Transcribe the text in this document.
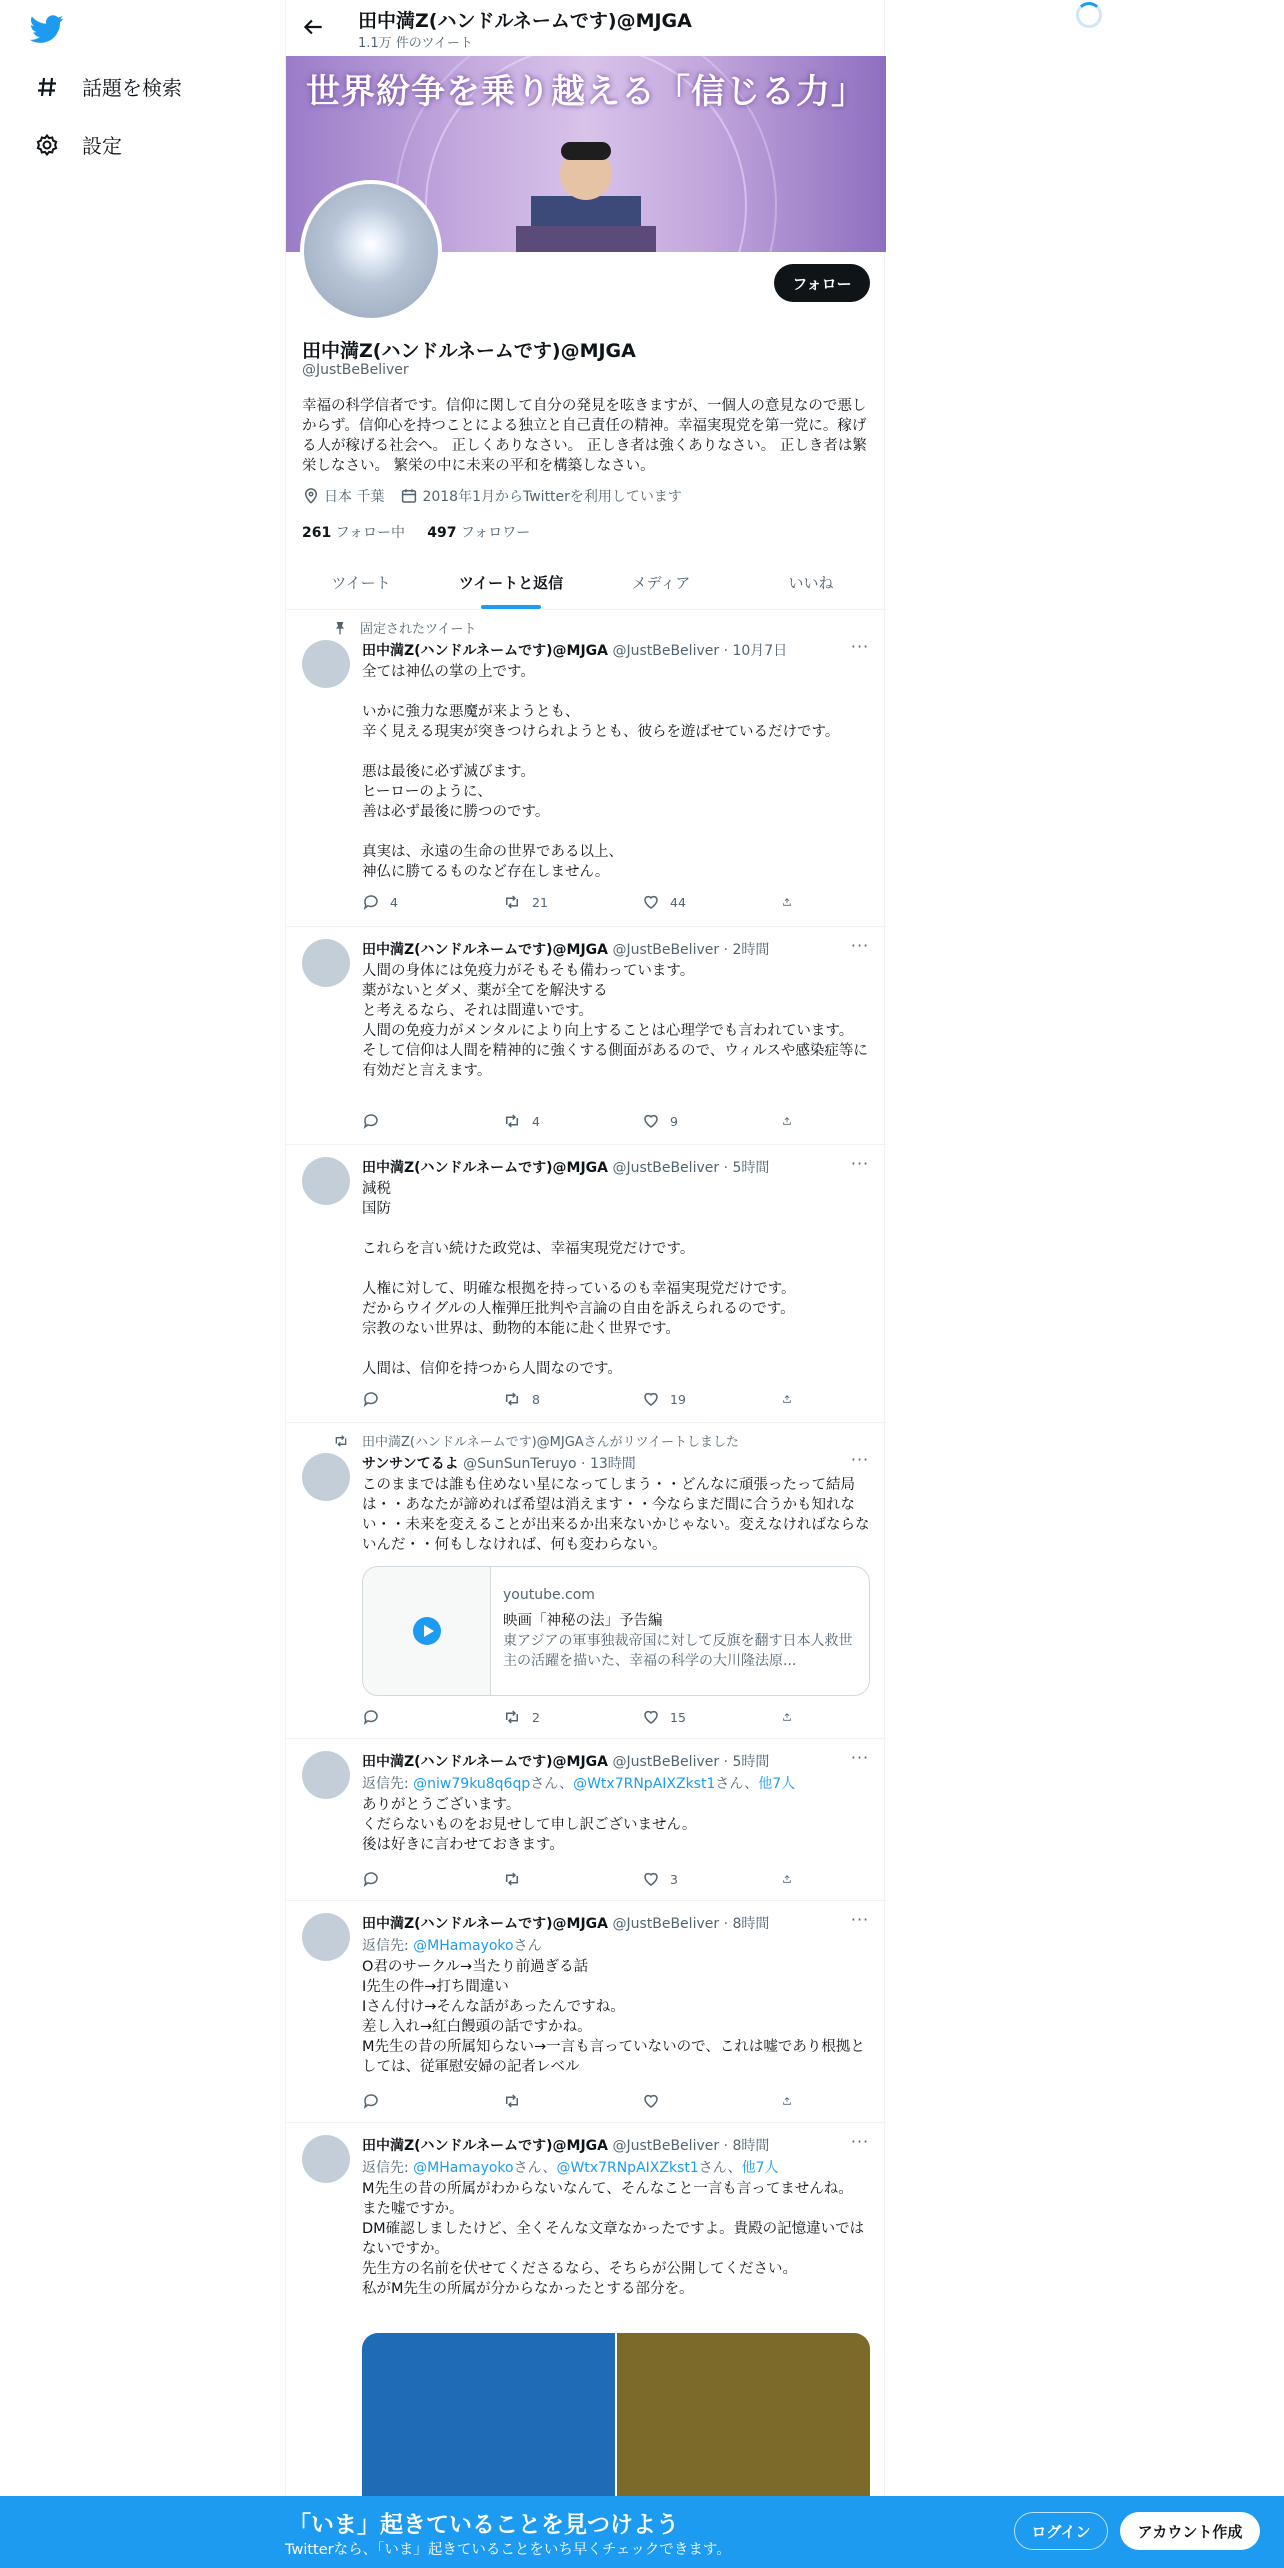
話題を検索
設定
田中満Z(ハンドルネームです)@MJGA
1.1万 件のツイート
世界紛争を乗り越える「信じる力」
フォロー
田中満Z(ハンドルネームです)@MJGA
@JustBeBeliver
幸福の科学信者です。信仰に関して自分の発見を呟きますが、一個人の意見なので悪しからず。信仰心を持つことによる独立と自己責任の精神。幸福実現党を第一党に。稼げる人が稼げる社会へ。 正しくありなさい。 正しき者は強くありなさい。 正しき者は繁栄しなさい。 繁栄の中に未来の平和を構築しなさい。
日本 千葉	2018年1月からTwitterを利用しています
261 フォロー中 497 フォロワー
ツイート	ツイートと返信	メディア	いいね
固定されたツイート
田中満Z(ハンドルネームです)@MJGA @JustBeBeliver · 10月7日	···
全ては神仏の掌の上です。

いかに強力な悪魔が来ようとも、
辛く見える現実が突きつけられようとも、彼らを遊ばせているだけです。

悪は最後に必ず滅びます。
ヒーローのように、
善は必ず最後に勝つのです。

真実は、永遠の生命の世界である以上、
神仏に勝てるものなど存在しません。
4	21	44
田中満Z(ハンドルネームです)@MJGA @JustBeBeliver · 2時間	···
人間の身体には免疫力がそもそも備わっています。
薬がないとダメ、薬が全てを解決する
と考えるなら、それは間違いです。
人間の免疫力がメンタルにより向上することは心理学でも言われています。
そして信仰は人間を精神的に強くする側面があるので、ウィルスや感染症等に有効だと言えます。
4	9
田中満Z(ハンドルネームです)@MJGA @JustBeBeliver · 5時間	···
減税
国防

これらを言い続けた政党は、幸福実現党だけです。

人権に対して、明確な根拠を持っているのも幸福実現党だけです。
だからウイグルの人権弾圧批判や言論の自由を訴えられるのです。
宗教のない世界は、動物的本能に赴く世界です。

人間は、信仰を持つから人間なのです。
8	19
田中満Z(ハンドルネームです)@MJGAさんがリツイートしました
サンサンてるよ @SunSunTeruyo · 13時間	···
このままでは誰も住めない星になってしまう・・どんなに頑張ったって結局は・・あなたが諦めれば希望は消えます・・今ならまだ間に合うかも知れない・・未来を変えることが出来るか出来ないかじゃない。変えなければならないんだ・・何もしなければ、何も変わらない。
youtube.com
映画「神秘の法」予告編
東アジアの軍事独裁帝国に対して反旗を翻す日本人救世主の活躍を描いた、幸福の科学の大川隆法原...
2	15
田中満Z(ハンドルネームです)@MJGA @JustBeBeliver · 5時間	···
返信先: @niw79ku8q6qpさん、@Wtx7RNpAIXZkst1さん、他7人
ありがとうございます。
くだらないものをお見せして申し訳ございません。
後は好きに言わせておきます。
3
田中満Z(ハンドルネームです)@MJGA @JustBeBeliver · 8時間	···
返信先: @MHamayokoさん
O君のサークル→当たり前過ぎる話
I先生の件→打ち間違い
Iさん付け→そんな話があったんですね。
差し入れ→紅白饅頭の話ですかね。
M先生の昔の所属知らない→一言も言っていないので、これは嘘であり根拠としては、従軍慰安婦の記者レベル
田中満Z(ハンドルネームです)@MJGA @JustBeBeliver · 8時間	···
返信先: @MHamayokoさん、@Wtx7RNpAIXZkst1さん、他7人
M先生の昔の所属がわからないなんて、そんなこと一言も言ってませんね。
また嘘ですか。
DM確認しましたけど、全くそんな文章なかったですよ。貴殿の記憶違いではないですか。
先生方の名前を伏せてくださるなら、そちらが公開してください。
私がM先生の所属が分からなかったとする部分を。
「いま」起きていることを見つけよう
Twitterなら、「いま」起きていることをいち早くチェックできます。
ログイン	アカウント作成
